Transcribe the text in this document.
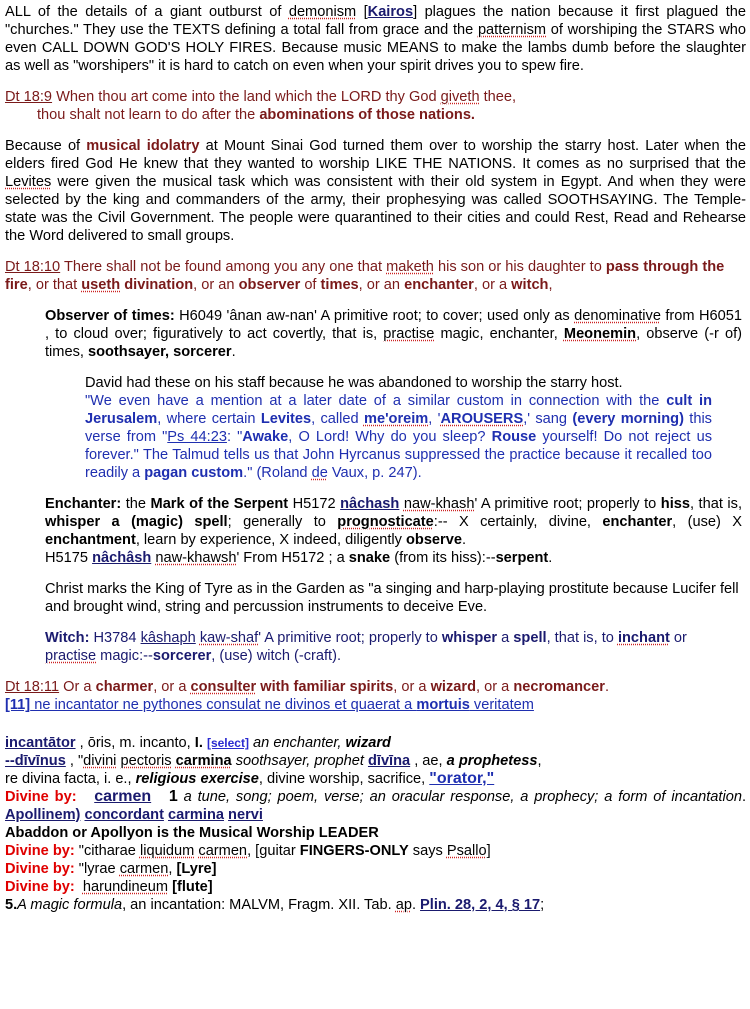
ALL of the details of a giant outburst of demonism [Kairos] plagues the nation because it first plagued the "churches." They use the TEXTS defining a total fall from grace and the patternism of worshiping the STARS who even CALL DOWN GOD'S HOLY FIRES. Because music MEANS to make the lambs dumb before the slaughter as well as "worshipers" it is hard to catch on even when your spirit drives you to spew fire.

Dt 18:9 When thou art come into the land which the LORD thy God giveth thee,

thou shalt not learn to do after the abominations of those nations.

Because of musical idolatry at Mount Sinai God turned them over to worship the starry host. Later when the elders fired God He knew that they wanted to worship LIKE THE NATIONS. It comes as no surprised that the Levites were given the musical task which was consistent with their old system in Egypt. And when they were selected by the king and commanders of the army, their prophesying was called SOOTHSAYING. The Temple-state was the Civil Government. The people were quarantined to their cities and could Rest, Read and Rehearse the Word delivered to small groups.

Dt 18:10 There shall not be found among you any one that maketh his son or his daughter to pass through the fire, or that useth divination, or an observer of times, or an enchanter, or a witch,

Observer of times: H6049 'ânan aw-nan' A primitive root; to cover; used only as denominative from H6051 , to cloud over; figuratively to act covertly, that is, practise magic, enchanter, Meonemin, observe (-r of) times, soothsayer, sorcerer.

David had these on his staff because he was abandoned to worship the starry host.

"We even have a mention at a later date of a similar custom in connection with the cult in Jerusalem, where certain Levites, called me'oreim, 'AROUSERS,' sang (every morning) this verse from "Ps 44:23: "Awake, O Lord! Why do you sleep? Rouse yourself! Do not reject us forever." The Talmud tells us that John Hyrcanus suppressed the practice because it recalled too readily a pagan custom." (Roland de Vaux, p. 247).

Enchanter: the Mark of the Serpent H5172 nâchash naw-khash' A primitive root; properly to hiss, that is, whisper a (magic) spell; generally to prognosticate:-- X certainly, divine, enchanter, (use) X enchantment, learn by experience, X indeed, diligently observe.

H5175 nâchâsh naw-khawsh' From H5172 ; a snake (from its hiss):--serpent.

Christ marks the King of Tyre as in the Garden as "a singing and harp-playing prostitute because Lucifer fell and brought wind, string and percussion instruments to deceive Eve.

Witch: H3784 kâshaph kaw-shaf' A primitive root; properly to whisper a spell, that is, to inchant or practise magic:--sorcerer, (use) witch (-craft).

Dt 18:11 Or a charmer, or a consulter with familiar spirits, or a wizard, or a necromancer.

[11] ne incantator ne pythones consulat ne divinos et quaerat a mortuis veritatem

incantātor , ōris, m. incanto, I. [select] an enchanter, wizard

--dīvīnus , "divini pectoris carmina soothsayer, prophet dīvīna , ae, a prophetess,

re divina facta, i. e., religious exercise, divine worship, sacrifice, "orator,"

Divine by: carmen 1 a tune, song; poem, verse; an oracular response, a prophecy; a form of incantation. Apollinem) concordant carmina nervi

Abaddon or Apollyon is the Musical Worship LEADER

Divine by: "citharae liquidum carmen, [guitar FINGERS-ONLY says Psallo]

Divine by: "lyrae carmen, [Lyre]

Divine by: harundineum [flute]

5.A magic formula, an incantation: MALVM, Fragm. XII. Tab. ap. Plin. 28, 2, 4, § 17;
